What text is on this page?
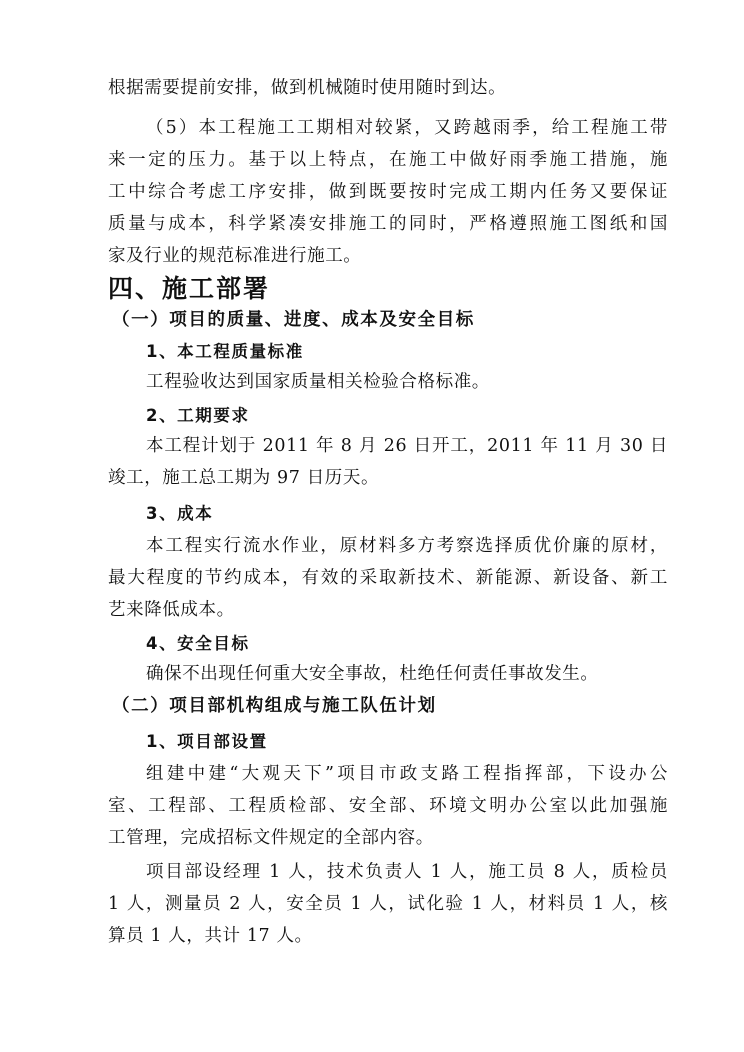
根据需要提前安排，做到机械随时使用随时到达。
（5）本工程施工工期相对较紧，又跨越雨季，给工程施工带
来一定的压力。基于以上特点，在施工中做好雨季施工措施，施
工中综合考虑工序安排，做到既要按时完成工期内任务又要保证
质量与成本，科学紧凑安排施工的同时，严格遵照施工图纸和国
家及行业的规范标准进行施工。
四、施工部署
（一）项目的质量、进度、成本及安全目标
1、本工程质量标准
工程验收达到国家质量相关检验合格标准。
2、工期要求
本工程计划于 2011 年 8 月 26 日开工，2011 年 11 月 30 日
竣工，施工总工期为 97 日历天。
3、成本
本工程实行流水作业，原材料多方考察选择质优价廉的原材，
最大程度的节约成本，有效的采取新技术、新能源、新设备、新工
艺来降低成本。
4、安全目标
确保不出现任何重大安全事故，杜绝任何责任事故发生。
（二）项目部机构组成与施工队伍计划
1、项目部设置
组建中建“大观天下”项目市政支路工程指挥部，下设办公
室、工程部、工程质检部、安全部、环境文明办公室以此加强施
工管理，完成招标文件规定的全部内容。
项目部设经理 1 人，技术负责人 1 人，施工员 8 人，质检员
1 人，测量员 2 人，安全员 1 人，试化验 1 人，材料员 1 人，核
算员 1 人，共计 17 人。
